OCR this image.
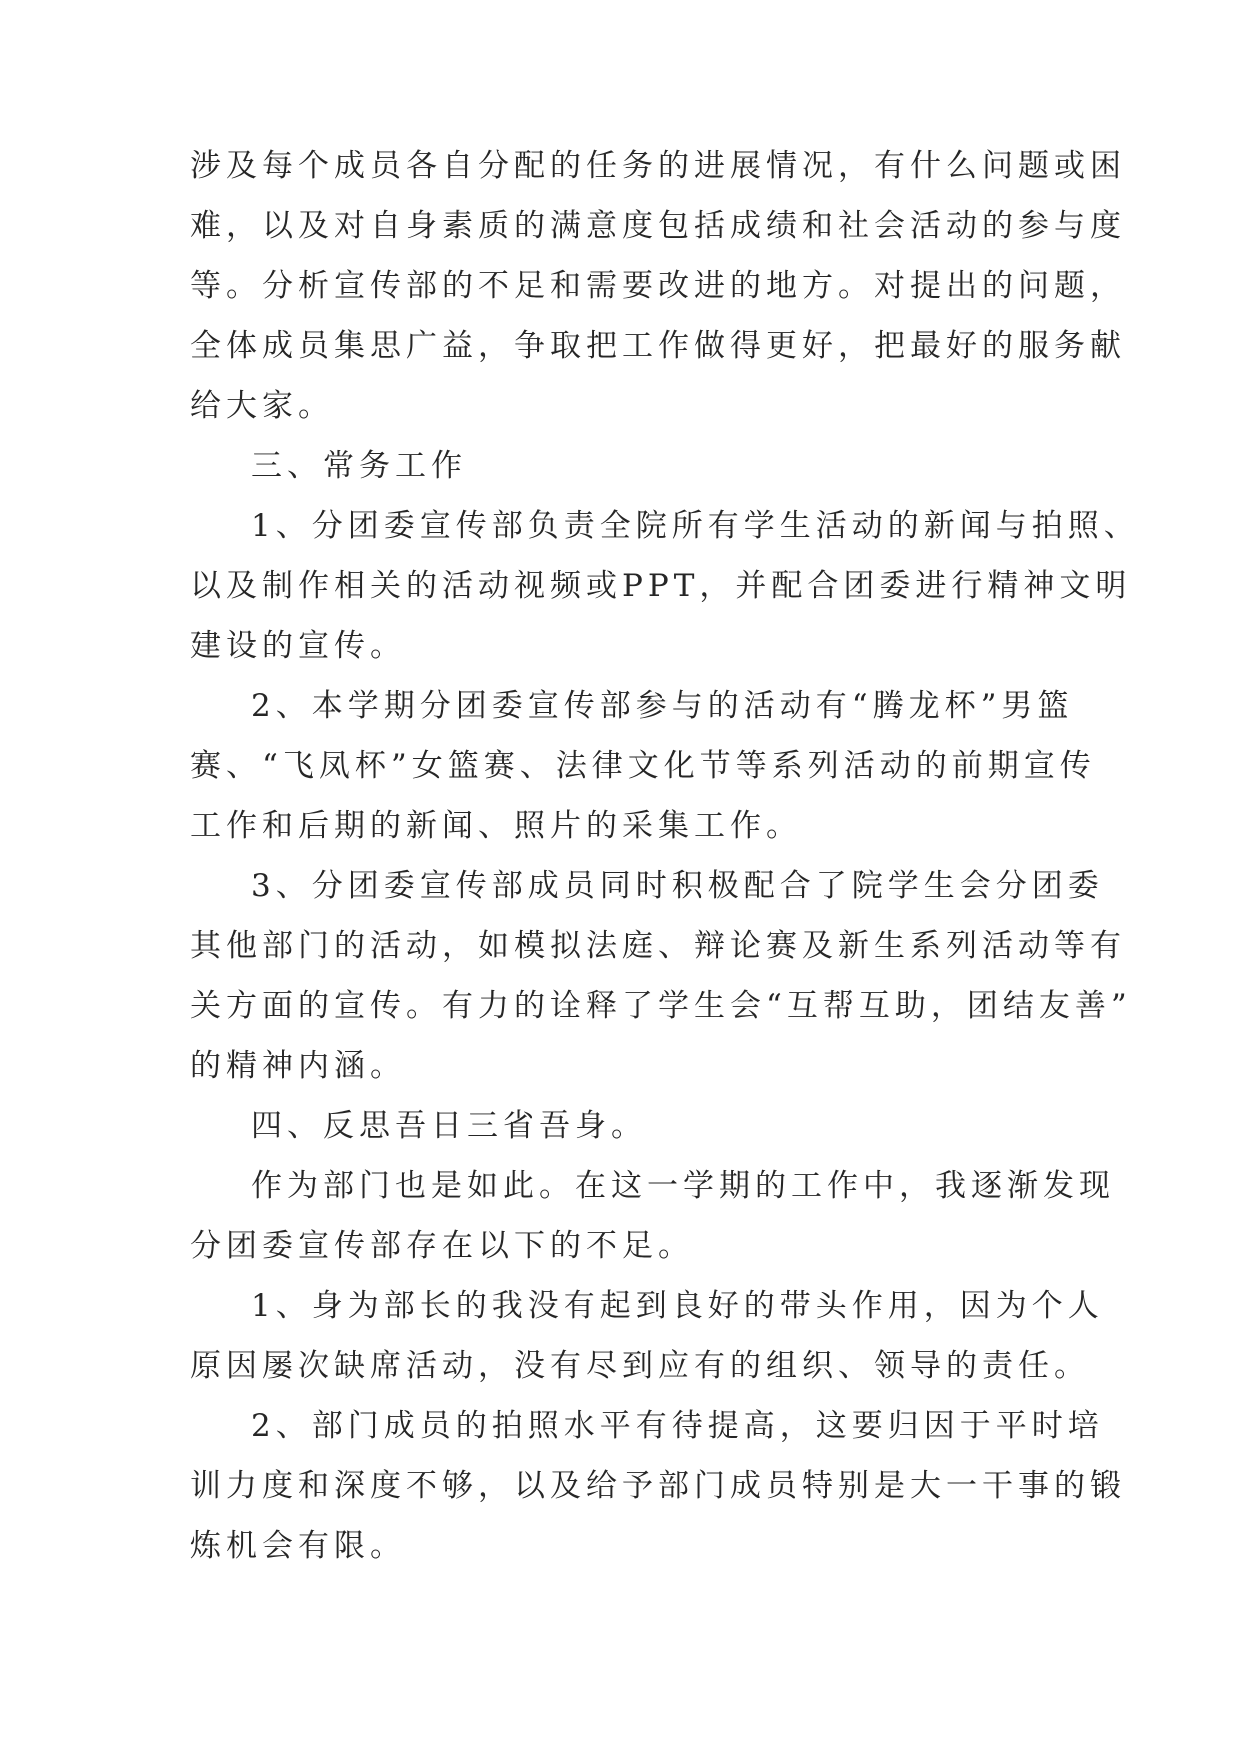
涉及每个成员各自分配的任务的进展情况，有什么问题或困
难，以及对自身素质的满意度包括成绩和社会活动的参与度
等。分析宣传部的不足和需要改进的地方。对提出的问题，
全体成员集思广益，争取把工作做得更好，把最好的服务献
给大家。
三、常务工作
1、分团委宣传部负责全院所有学生活动的新闻与拍照、
以及制作相关的活动视频或PPT，并配合团委进行精神文明
建设的宣传。
2、本学期分团委宣传部参与的活动有“腾龙杯”男篮
赛、“飞凤杯”女篮赛、法律文化节等系列活动的前期宣传
工作和后期的新闻、照片的采集工作。
3、分团委宣传部成员同时积极配合了院学生会分团委
其他部门的活动，如模拟法庭、辩论赛及新生系列活动等有
关方面的宣传。有力的诠释了学生会“互帮互助，团结友善”
的精神内涵。
四、反思吾日三省吾身。
作为部门也是如此。在这一学期的工作中，我逐渐发现
分团委宣传部存在以下的不足。
1、身为部长的我没有起到良好的带头作用，因为个人
原因屡次缺席活动，没有尽到应有的组织、领导的责任。
2、部门成员的拍照水平有待提高，这要归因于平时培
训力度和深度不够，以及给予部门成员特别是大一干事的锻
炼机会有限。
